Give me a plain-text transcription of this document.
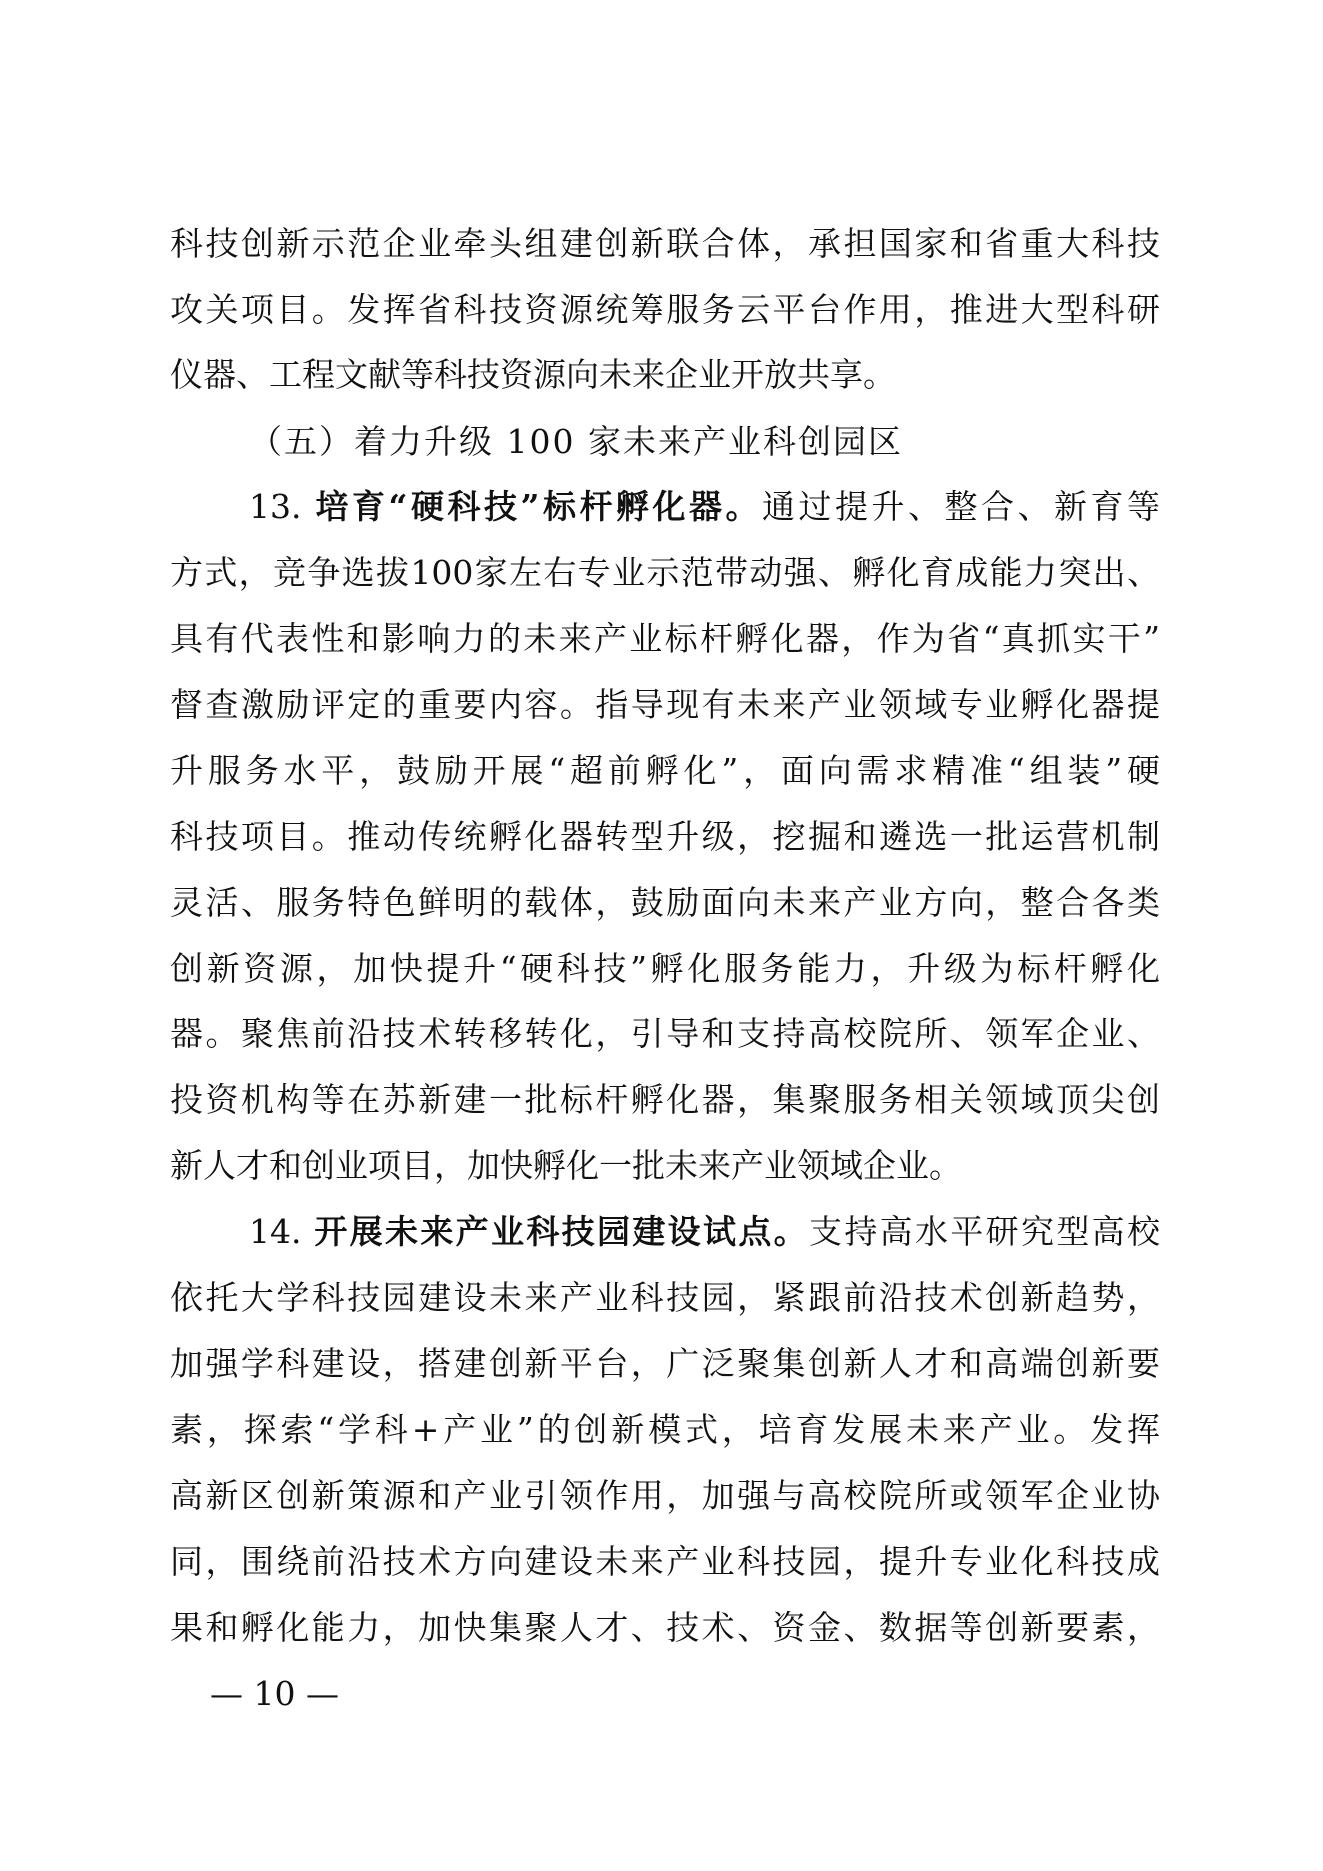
科技创新示范企业牵头组建创新联合体，承担国家和省重大科技
攻关项目。发挥省科技资源统筹服务云平台作用，推进大型科研
仪器、工程文献等科技资源向未来企业开放共享。
（五）着力升级 100 家未来产业科创园区
13. 培育“硬科技”标杆孵化器。通过提升、整合、新育等
方式，竞争选拔100家左右专业示范带动强、孵化育成能力突出、
具有代表性和影响力的未来产业标杆孵化器，作为省“真抓实干”
督查激励评定的重要内容。指导现有未来产业领域专业孵化器提
升服务水平，鼓励开展“超前孵化”，面向需求精准“组装”硬
科技项目。推动传统孵化器转型升级，挖掘和遴选一批运营机制
灵活、服务特色鲜明的载体，鼓励面向未来产业方向，整合各类
创新资源，加快提升“硬科技”孵化服务能力，升级为标杆孵化
器。聚焦前沿技术转移转化，引导和支持高校院所、领军企业、
投资机构等在苏新建一批标杆孵化器，集聚服务相关领域顶尖创
新人才和创业项目，加快孵化一批未来产业领域企业。
14. 开展未来产业科技园建设试点。支持高水平研究型高校
依托大学科技园建设未来产业科技园，紧跟前沿技术创新趋势，
加强学科建设，搭建创新平台，广泛聚集创新人才和高端创新要
素，探索“学科+产业”的创新模式，培育发展未来产业。发挥
高新区创新策源和产业引领作用，加强与高校院所或领军企业协
同，围绕前沿技术方向建设未来产业科技园，提升专业化科技成
果和孵化能力，加快集聚人才、技术、资金、数据等创新要素，
— 10 —
